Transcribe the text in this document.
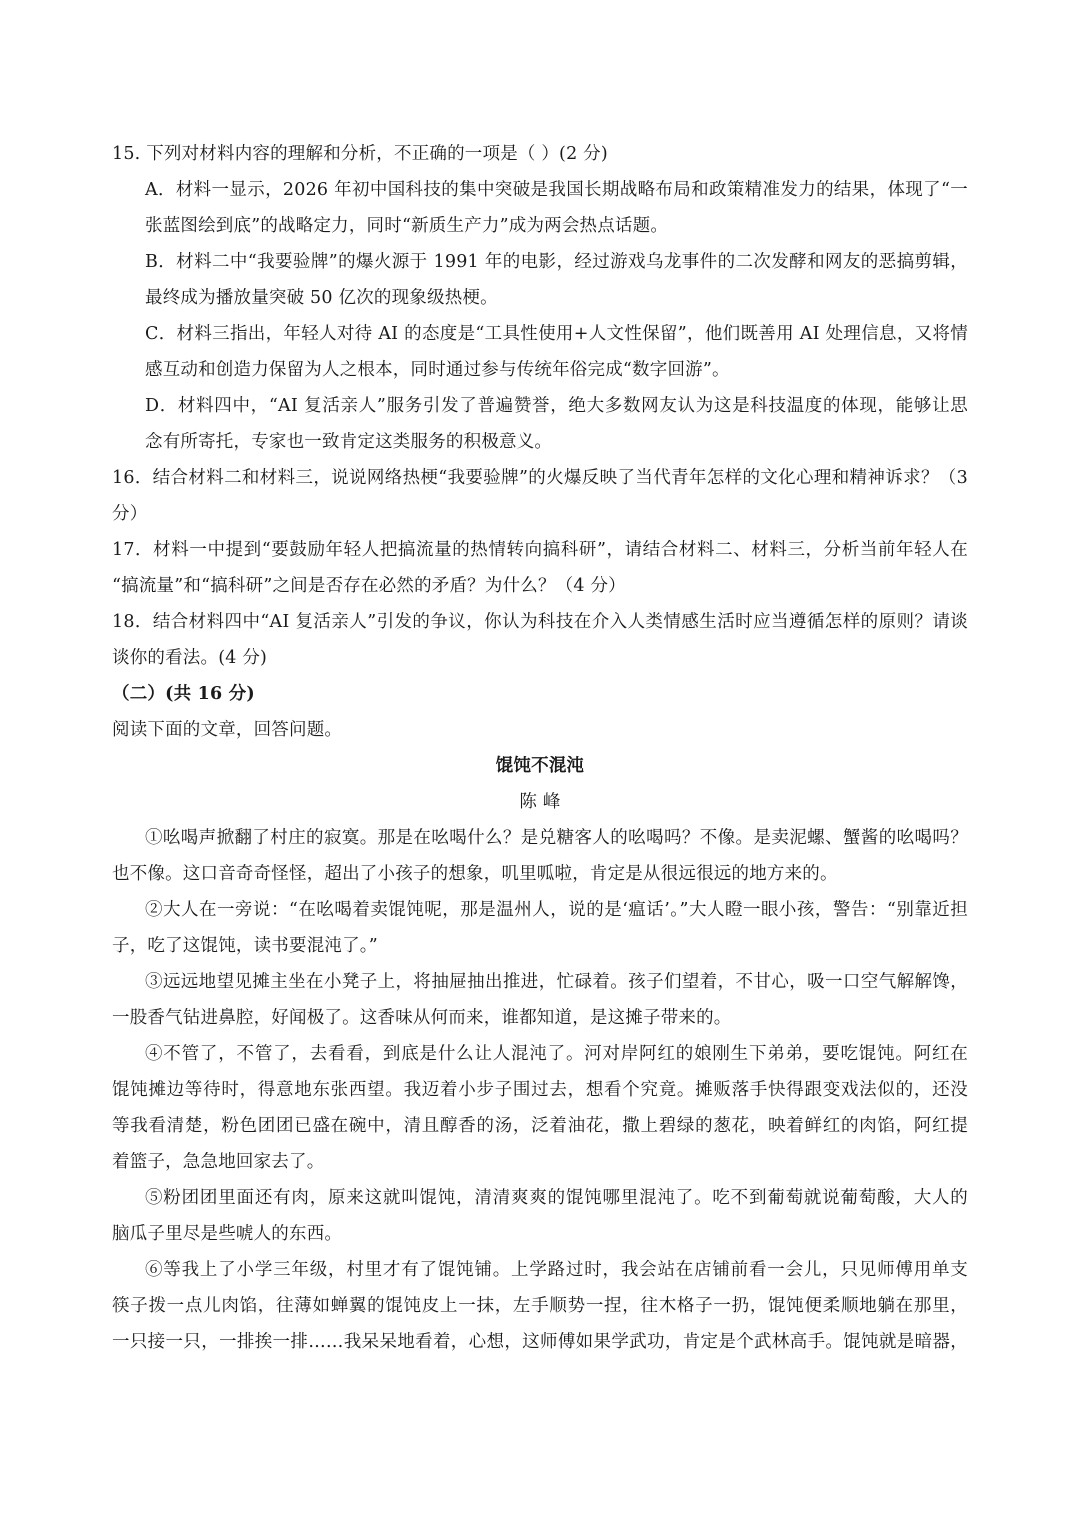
15. 下列对材料内容的理解和分析，不正确的一项是（ ）(2 分)
A．材料一显示，2026 年初中国科技的集中突破是我国长期战略布局和政策精准发力的结果，体现了“一
张蓝图绘到底”的战略定力，同时“新质生产力”成为两会热点话题。
B．材料二中“我要验牌”的爆火源于 1991 年的电影，经过游戏乌龙事件的二次发酵和网友的恶搞剪辑，
最终成为播放量突破 50 亿次的现象级热梗。
C．材料三指出，年轻人对待 AI 的态度是“工具性使用+人文性保留”，他们既善用 AI 处理信息，又将情
感互动和创造力保留为人之根本，同时通过参与传统年俗完成“数字回游”。
D．材料四中，“AI 复活亲人”服务引发了普遍赞誉，绝大多数网友认为这是科技温度的体现，能够让思
念有所寄托，专家也一致肯定这类服务的积极意义。
16．结合材料二和材料三，说说网络热梗“我要验牌”的火爆反映了当代青年怎样的文化心理和精神诉求？（3
分）
17．材料一中提到“要鼓励年轻人把搞流量的热情转向搞科研”，请结合材料二、材料三，分析当前年轻人在
“搞流量”和“搞科研”之间是否存在必然的矛盾？为什么？（4 分）
18．结合材料四中“AI 复活亲人”引发的争议，你认为科技在介入人类情感生活时应当遵循怎样的原则？请谈
谈你的看法。(4 分)
（二）(共 16 分)
阅读下面的文章，回答问题。
馄饨不混沌
陈 峰
①吆喝声掀翻了村庄的寂寞。那是在吆喝什么？是兑糖客人的吆喝吗？不像。是卖泥螺、蟹酱的吆喝吗？
也不像。这口音奇奇怪怪，超出了小孩子的想象，叽里呱啦，肯定是从很远很远的地方来的。
②大人在一旁说：“在吆喝着卖馄饨呢，那是温州人，说的是‘瘟话’。”大人瞪一眼小孩，警告：“别靠近担
子，吃了这馄饨，读书要混沌了。”
③远远地望见摊主坐在小凳子上，将抽屉抽出推进，忙碌着。孩子们望着，不甘心，吸一口空气解解馋，
一股香气钻进鼻腔，好闻极了。这香味从何而来，谁都知道，是这摊子带来的。
④不管了，不管了，去看看，到底是什么让人混沌了。河对岸阿红的娘刚生下弟弟，要吃馄饨。阿红在
馄饨摊边等待时，得意地东张西望。我迈着小步子围过去，想看个究竟。摊贩落手快得跟变戏法似的，还没
等我看清楚，粉色团团已盛在碗中，清且醇香的汤，泛着油花，撒上碧绿的葱花，映着鲜红的肉馅，阿红提
着篮子，急急地回家去了。
⑤粉团团里面还有肉，原来这就叫馄饨，清清爽爽的馄饨哪里混沌了。吃不到葡萄就说葡萄酸，大人的
脑瓜子里尽是些唬人的东西。
⑥等我上了小学三年级，村里才有了馄饨铺。上学路过时，我会站在店铺前看一会儿，只见师傅用单支
筷子拨一点儿肉馅，往薄如蝉翼的馄饨皮上一抹，左手顺势一捏，往木格子一扔，馄饨便柔顺地躺在那里，
一只接一只，一排挨一排……我呆呆地看着，心想，这师傅如果学武功，肯定是个武林高手。馄饨就是暗器，
